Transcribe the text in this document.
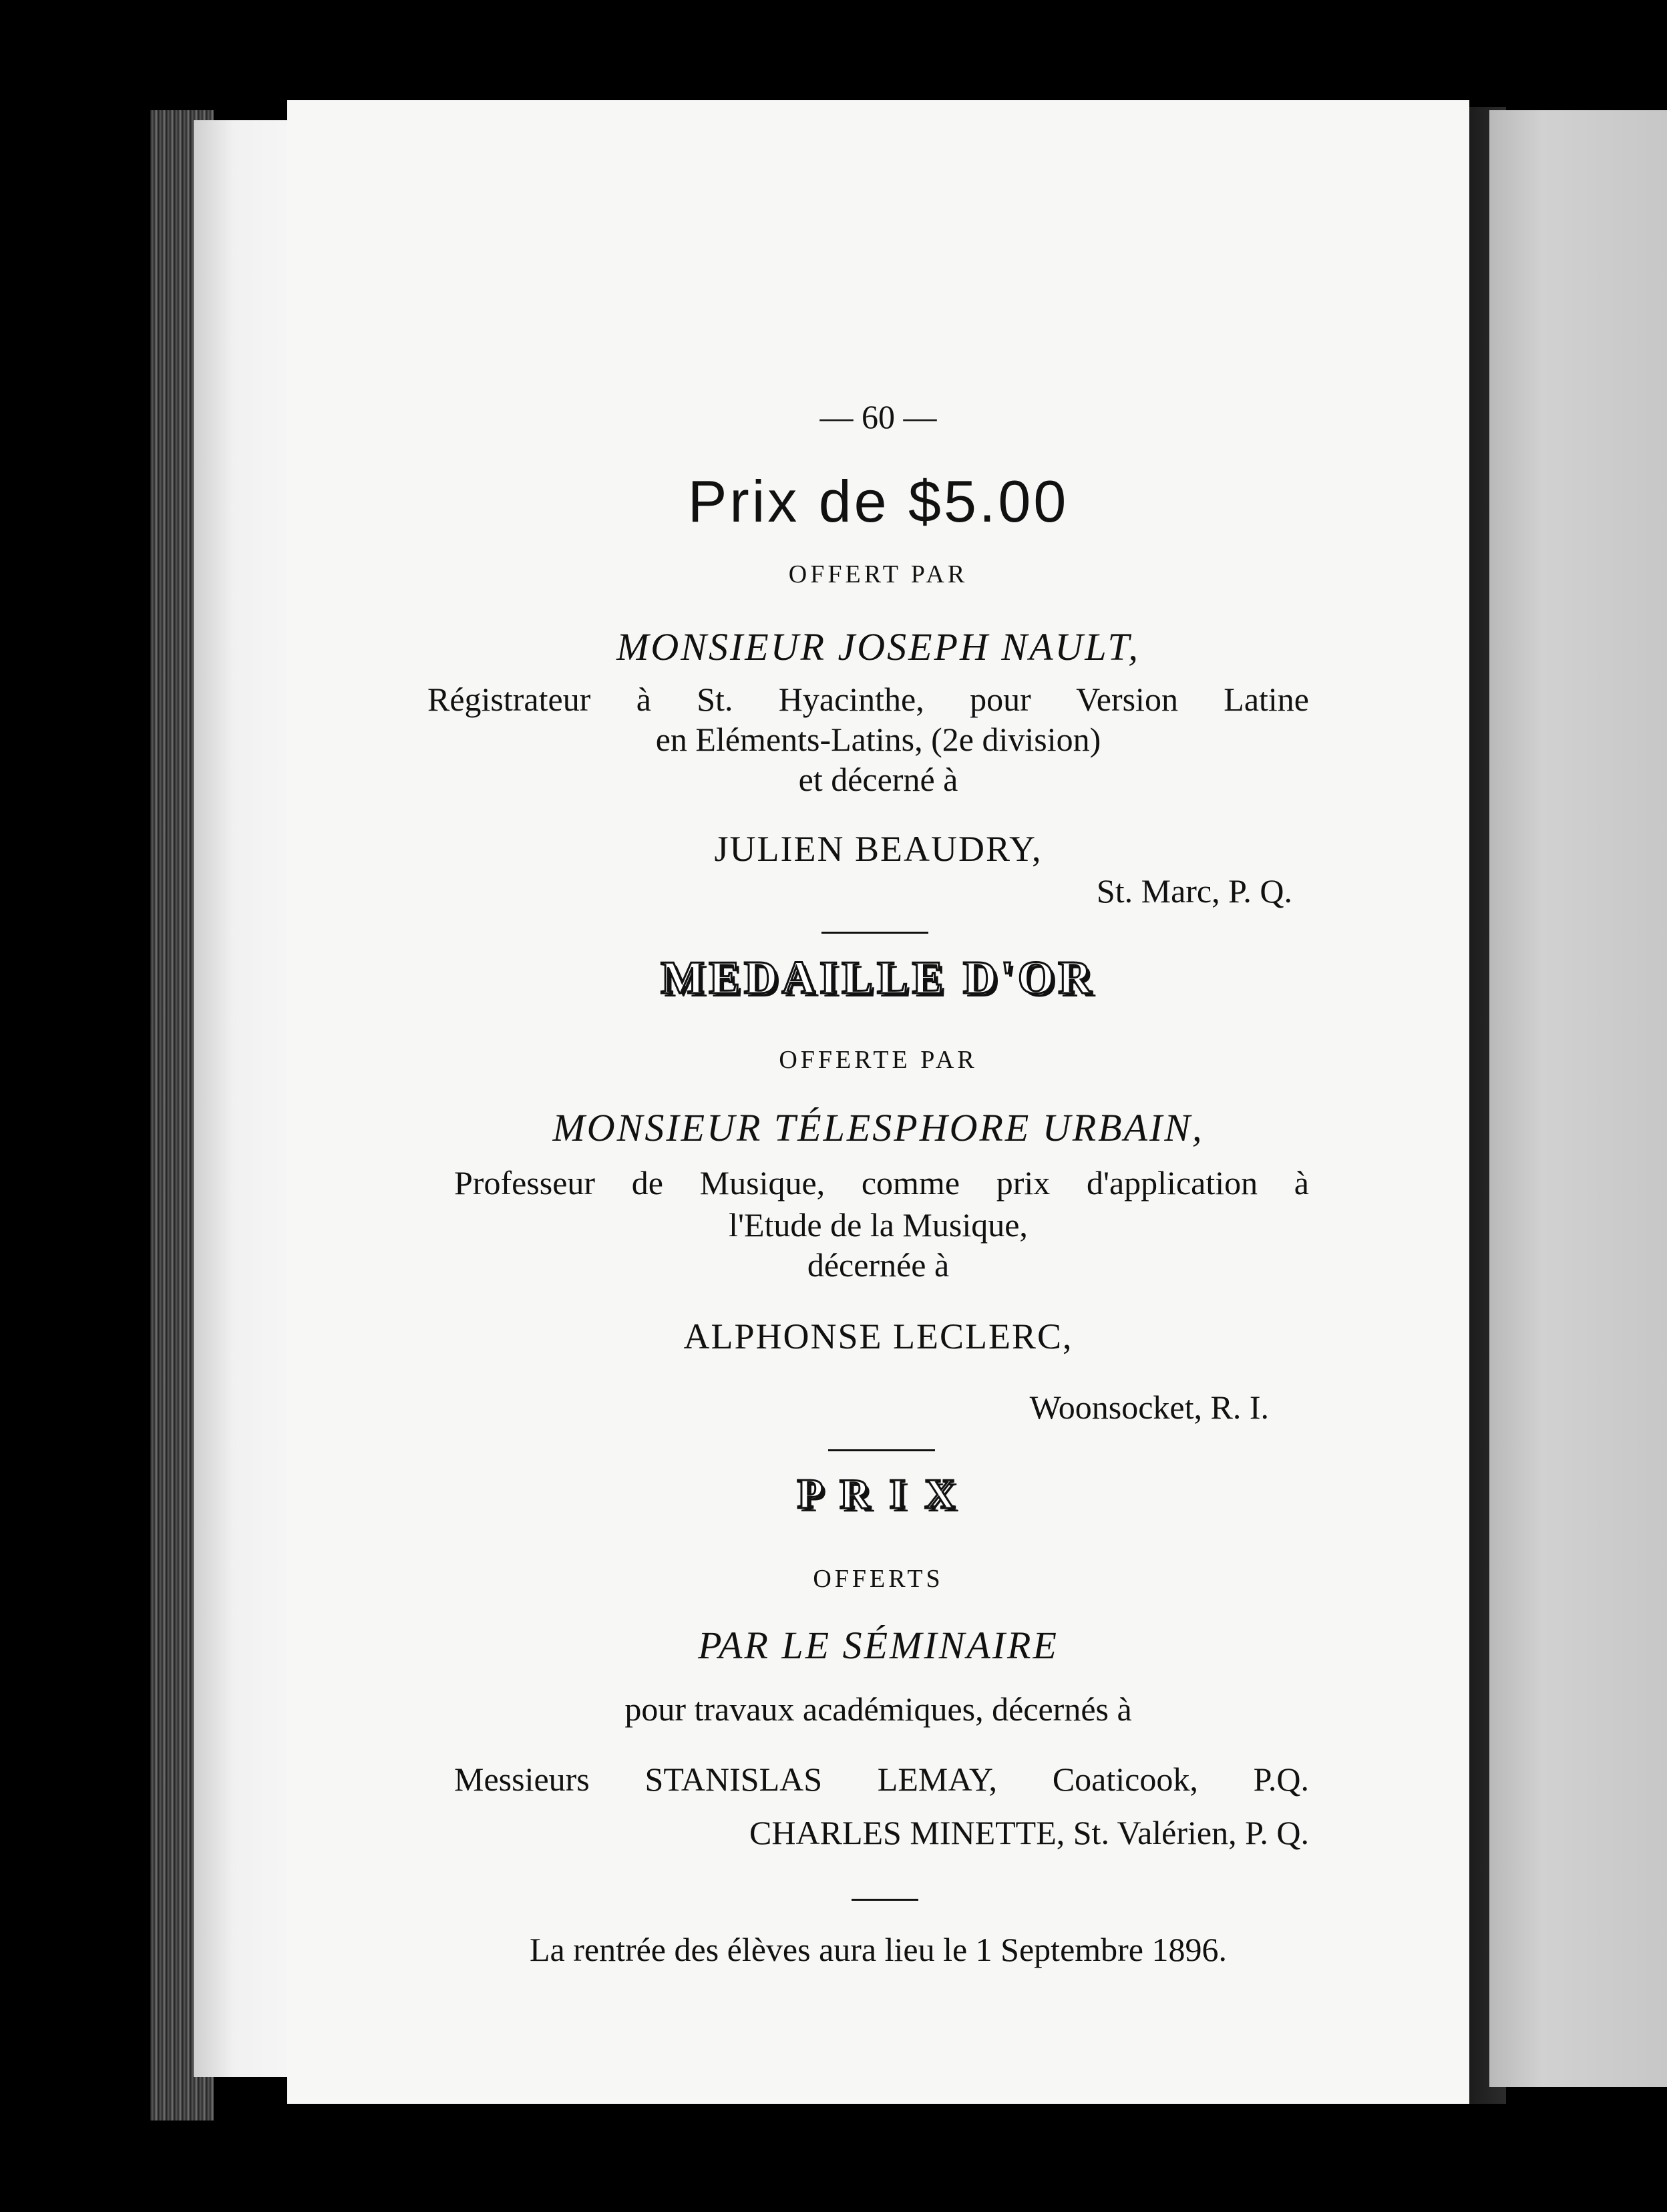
— 60 —
Prix de $5.00
OFFERT PAR
MONSIEUR JOSEPH NAULT,
Régistrateur à St. Hyacinthe, pour Version Latine
en Eléments-Latins, (2e division)
et décerné à
JULIEN BEAUDRY,
St. Marc, P. Q.
MEDAILLE D'OR
OFFERTE PAR
MONSIEUR TÉLESPHORE URBAIN,
Professeur de Musique, comme prix d'application à
l'Etude de la Musique,
décernée à
ALPHONSE LECLERC,
Woonsocket, R. I.
P R I X
OFFERTS
PAR LE SÉMINAIRE
pour travaux académiques, décernés à
Messieurs STANISLAS LEMAY, Coaticook, P.Q.
CHARLES MINETTE, St. Valérien, P. Q.
La rentrée des élèves aura lieu le 1 Septembre 1896.
